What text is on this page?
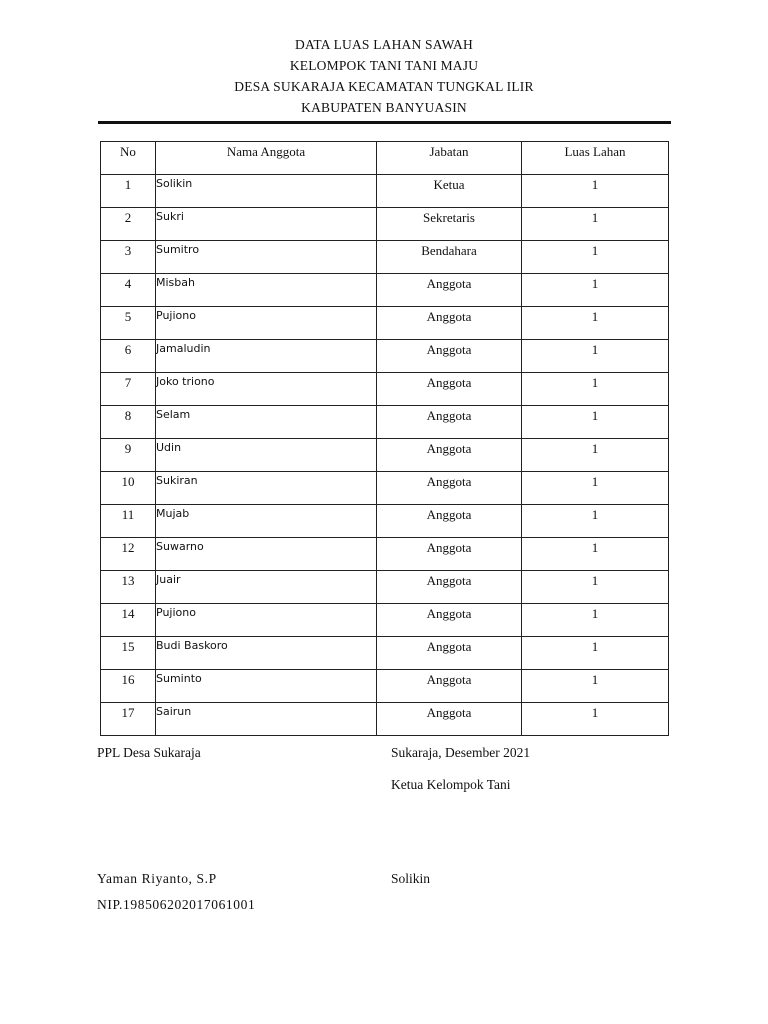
DATA LUAS LAHAN SAWAH
KELOMPOK TANI TANI MAJU
DESA SUKARAJA KECAMATAN TUNGKAL ILIR
KABUPATEN BANYUASIN
No	Nama Anggota	Jabatan	Luas Lahan
1	Solikin	Ketua	1
2	Sukri	Sekretaris	1
3	Sumitro	Bendahara	1
4	Misbah	Anggota	1
5	Pujiono	Anggota	1
6	Jamaludin	Anggota	1
7	Joko triono	Anggota	1
8	Selam	Anggota	1
9	Udin	Anggota	1
10	Sukiran	Anggota	1
11	Mujab	Anggota	1
12	Suwarno	Anggota	1
13	Juair	Anggota	1
14	Pujiono	Anggota	1
15	Budi Baskoro	Anggota	1
16	Suminto	Anggota	1
17	Sairun	Anggota	1
PPL Desa Sukaraja	Sukaraja, Desember 2021
Ketua Kelompok Tani
Yaman Riyanto, S.P	Solikin
NIP.198506202017061001
